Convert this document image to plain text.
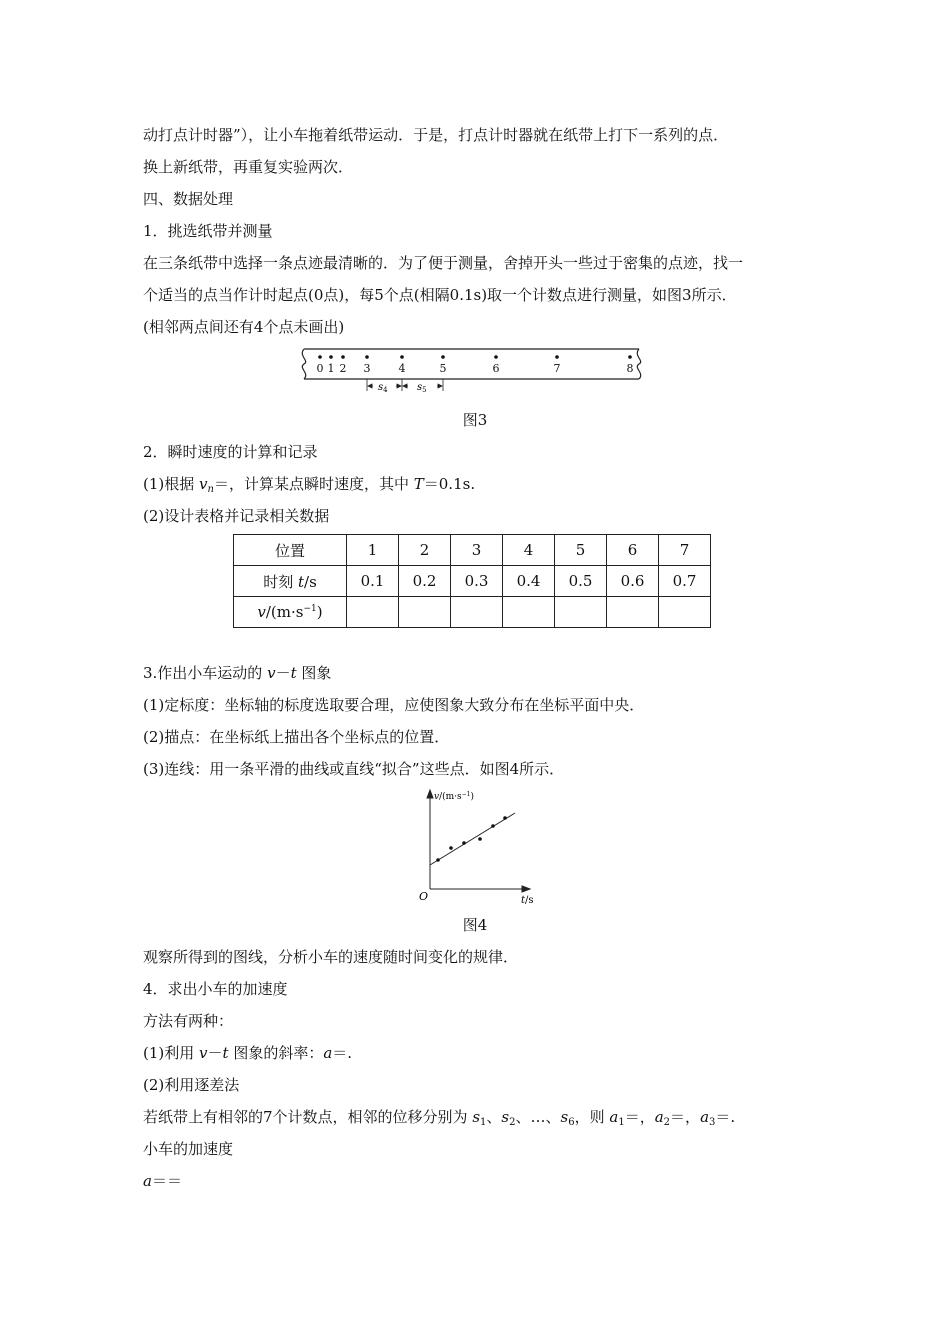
动打点计时器”），让小车拖着纸带运动．于是，打点计时器就在纸带上打下一系列的点．
换上新纸带，再重复实验两次．
四、数据处理
1．挑选纸带并测量
在三条纸带中选择一条点迹最清晰的．为了便于测量，舍掉开头一些过于密集的点迹，找一
个适当的点当作计时起点(0点)，每5个点(相隔0.1s)取一个计数点进行测量，如图3所示．
(相邻两点间还有4个点未画出)
0 1 2 3	4	5	6	7	8
$s_4$	$s_5$
图3
2．瞬时速度的计算和记录
(1)根据 $v_n=$，计算某点瞬时速度，其中 T＝0.1s.
(2)设计表格并记录相关数据
位置	1	2	3	4	5	6	7
时刻 t/s	0.1	0.2	0.3	0.4	0.5	0.6	0.7
$v/(m\cdot s^{-1})$							
3.作出小车运动的 v－t 图象
(1)定标度：坐标轴的标度选取要合理，应使图象大致分布在坐标平面中央．
(2)描点：在坐标纸上描出各个坐标点的位置．
(3)连线：用一条平滑的曲线或直线“拟合”这些点．如图4所示．
$v/(m\cdot s^{-1})$
t/s
O
图4
观察所得到的图线，分析小车的速度随时间变化的规律．
4．求出小车的加速度
方法有两种：
(1)利用 v－t 图象的斜率：a＝.
(2)利用逐差法
若纸带上有相邻的7个计数点，相邻的位移分别为 $s_1$、$s_2$、…、$s_6$，则 $a_1=$，$a_2=$，$a_3=$.
小车的加速度
a＝＝
